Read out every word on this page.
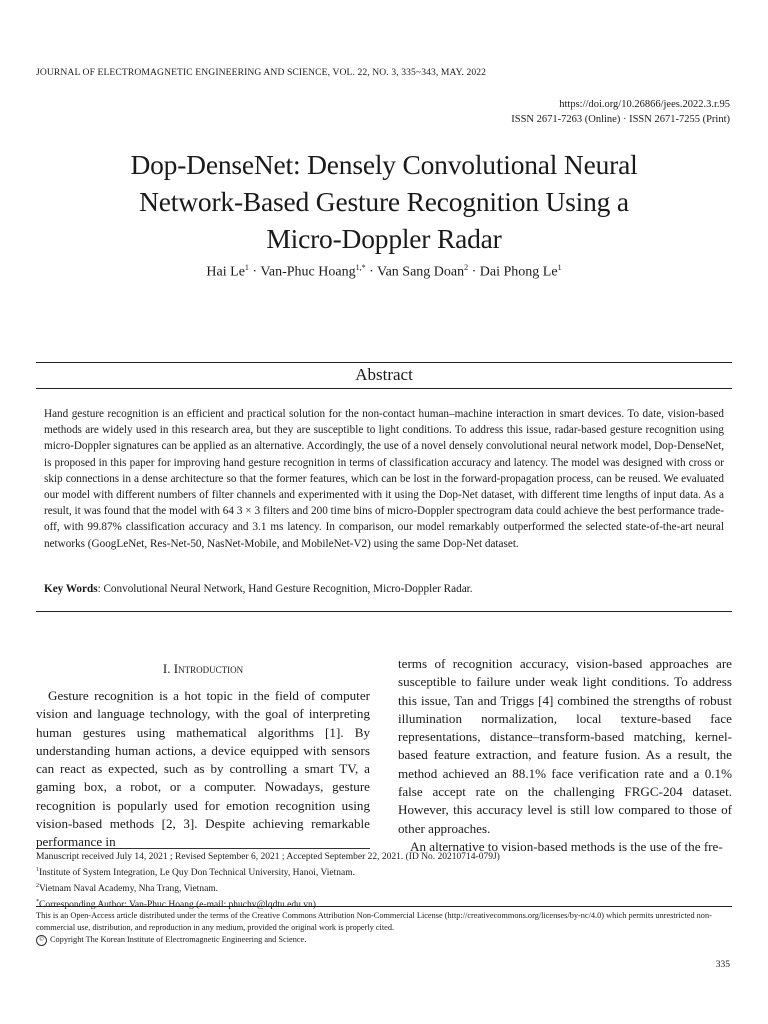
JOURNAL OF ELECTROMAGNETIC ENGINEERING AND SCIENCE, VOL. 22, NO. 3, 335~343, MAY. 2022
https://doi.org/10.26866/jees.2022.3.r.95
ISSN 2671-7263 (Online) · ISSN 2671-7255 (Print)
Dop-DenseNet: Densely Convolutional Neural
Network-Based Gesture Recognition Using a
Micro-Doppler Radar
Hai $Le^1$ · Van-Phuc Hoang$^{1,*}$ · Van Sang Doan$^2$ · Dai Phong Le$^1$
Abstract
Hand gesture recognition is an efficient and practical solution for the non-contact human–machine interaction in smart devices. To date, vision-based methods are widely used in this research area, but they are susceptible to light conditions. To address this issue, radar-based gesture recognition using micro-Doppler signatures can be applied as an alternative. Accordingly, the use of a novel densely convolutional neural network model, Dop-DenseNet, is proposed in this paper for improving hand gesture recognition in terms of classification accuracy and latency. The model was designed with cross or skip connections in a dense architecture so that the former features, which can be lost in the forward-propagation process, can be reused. We evaluated our model with different numbers of filter channels and experimented with it using the Dop-Net dataset, with different time lengths of input data. As a result, it was found that the model with 64 3 × 3 filters and 200 time bins of micro-Doppler spectrogram data could achieve the best performance trade-off, with 99.87% classification accuracy and 3.1 ms latency. In comparison, our model remarkably outperformed the selected state-of-the-art neural networks (GoogLeNet, Res-Net-50, NasNet-Mobile, and MobileNet-V2) using the same Dop-Net dataset.
Key Words: Convolutional Neural Network, Hand Gesture Recognition, Micro-Doppler Radar.
I. Introduction

Gesture recognition is a hot topic in the field of computer vision and language technology, with the goal of interpreting human gestures using mathematical algorithms [1]. By understanding human actions, a device equipped with sensors can react as expected, such as by controlling a smart TV, a gaming box, a robot, or a computer. Nowadays, gesture recognition is popularly used for emotion recognition using vision-based methods [2, 3]. Despite achieving remarkable performance in

terms of recognition accuracy, vision-based approaches are susceptible to failure under weak light conditions. To address this issue, Tan and Triggs [4] combined the strengths of robust illumination normalization, local texture-based face representations, distance–transform-based matching, kernel-based feature extraction, and feature fusion. As a result, the method achieved an 88.1% face verification rate and a 0.1% false accept rate on the challenging FRGC-204 dataset. However, this accuracy level is still low compared to those of other approaches.

An alternative to vision-based methods is the use of the fre-

Manuscript received July 14, 2021 ; Revised September 6, 2021 ; Accepted September 22, 2021. (ID No. 20210714-079J)
$^1$Institute of System Integration, Le Quy Don Technical University, Hanoi, Vietnam.
$^2$Vietnam Naval Academy, Nha Trang, Vietnam.
*Corresponding Author: Van-Phuc Hoang (e-mail: phuchv@lqdtu.edu.vn)
This is an Open-Access article distributed under the terms of the Creative Commons Attribution Non-Commercial License (http://creativecommons.org/licenses/by-nc/4.0) which permits unrestricted non-commercial use, distribution, and reproduction in any medium, provided the original work is properly cited.
© Copyright The Korean Institute of Electromagnetic Engineering and Science.
335
